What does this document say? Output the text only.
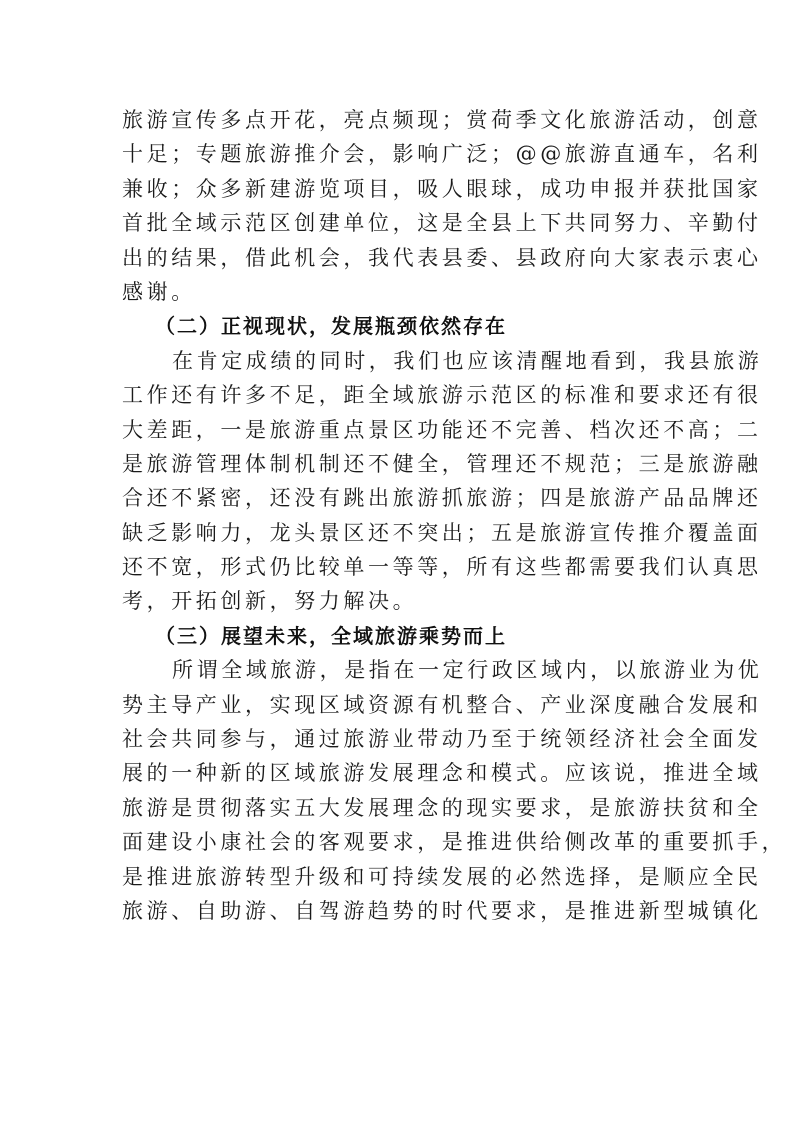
旅游宣传多点开花，亮点频现；赏荷季文化旅游活动，创意
十足；专题旅游推介会，影响广泛；@@旅游直通车，名利
兼收；众多新建游览项目，吸人眼球，成功申报并获批国家
首批全域示范区创建单位，这是全县上下共同努力、辛勤付
出的结果，借此机会，我代表县委、县政府向大家表示衷心
感谢。
（二）正视现状，发展瓶颈依然存在
在肯定成绩的同时，我们也应该清醒地看到，我县旅游
工作还有许多不足，距全域旅游示范区的标准和要求还有很
大差距，一是旅游重点景区功能还不完善、档次还不高；二
是旅游管理体制机制还不健全，管理还不规范；三是旅游融
合还不紧密，还没有跳出旅游抓旅游；四是旅游产品品牌还
缺乏影响力，龙头景区还不突出；五是旅游宣传推介覆盖面
还不宽，形式仍比较单一等等，所有这些都需要我们认真思
考，开拓创新，努力解决。
（三）展望未来，全域旅游乘势而上
所谓全域旅游，是指在一定行政区域内，以旅游业为优
势主导产业，实现区域资源有机整合、产业深度融合发展和
社会共同参与，通过旅游业带动乃至于统领经济社会全面发
展的一种新的区域旅游发展理念和模式。应该说，推进全域
旅游是贯彻落实五大发展理念的现实要求，是旅游扶贫和全
面建设小康社会的客观要求，是推进供给侧改革的重要抓手，
是推进旅游转型升级和可持续发展的必然选择，是顺应全民
旅游、自助游、自驾游趋势的时代要求，是推进新型城镇化
